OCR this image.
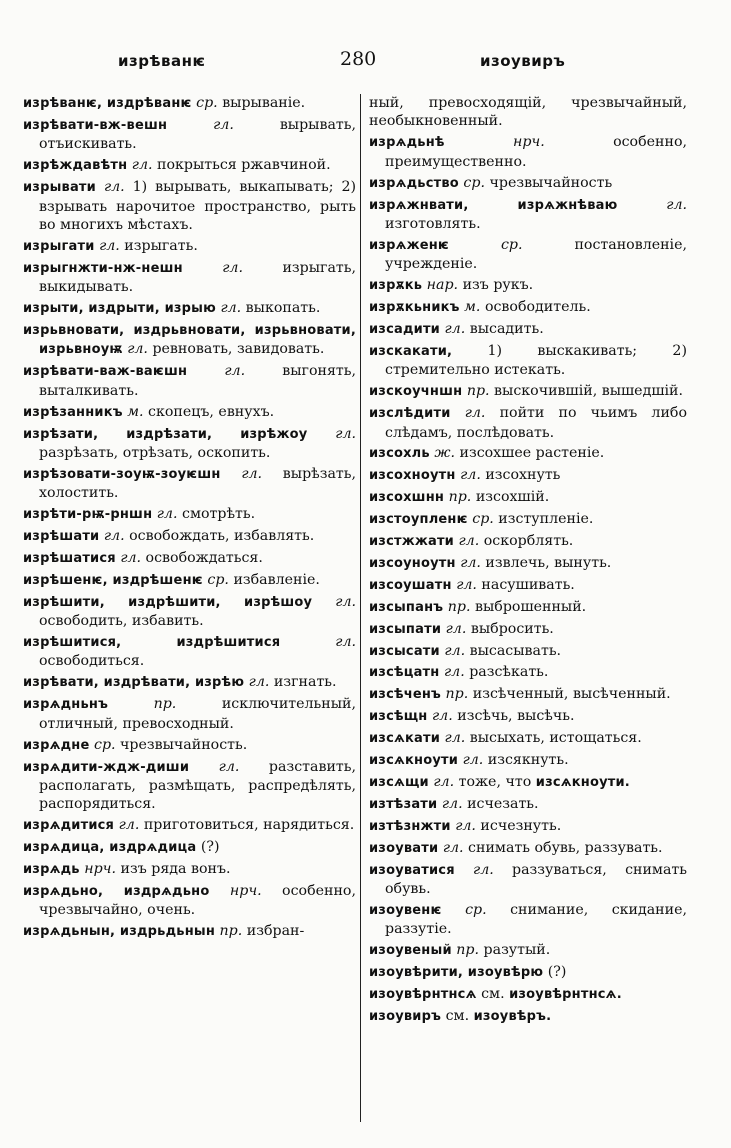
изрѣванѥ	280	изоувиръ

изрѣванѥ, издрѣванѥ ср. вырыванiе.

изрѣвати-вж-вешн	гл. вырывать, отъискивать.

изрѣждавѣтн гл. покрыться ржавчиной.

изрывати гл. 1) вырывать, выкапывать; 2) взрывать нарочитое пространство, рыть во многихъ мѣстахъ.

изрыгати гл. изрыгать.

изрыгнжти-нж-нешн	гл. изрыгать, выкидывать.

изрыти, издрыти, изрыю гл. выкопать.

изрьвновати, издрьвновати, изрьвновати, изрьвноуѭ гл. ревновать, завидовать.

изрѣвати-важ-ваѥшн	гл. выгонять, выталкивать.

изрѣзанникъ м. скопецъ, евнухъ.

изрѣзати, издрѣзати, изрѣжоу гл. разрѣзать, отрѣзать, оскопить.

изрѣзовати-зоуѭ-зоуѥшн гл. вырѣзать, холостить.

изрѣти-рѭ-рншн гл. смотрѣть.

изрѣшати гл. освобождать, избавлять.

изрѣшатися гл. освобождаться.

изрѣшенѥ, издрѣшенѥ ср. избавленiе.

изрѣшити, издрѣшити, изрѣшоу гл. освободить, избавить.

изрѣшитися, издрѣшитися	гл. освободиться.

изрѣвати, издрѣвати, изрѣю гл. изгнать.

изрѧдньнъ	пр. исключительный, отличный, превосходный.

изрѧдне ср. чрезвычайность.

изрѧдити-ждж-диши гл. разставить, располагать, размѣщать, распредѣлять, распорядиться.

изрѧдитися гл. приготовиться, нарядиться.

изрѧдица, издрѧдица (?)

изрѧдь нрч. изъ ряда вонъ.

изрѧдьно, издрѧдьно нрч. особенно, чрезвычайно, очень.

изрѧдьнын, издрьдьнын пр. избран-

ный, превосходящій, чрезвычайный, необыкновенный.

изрѧдьнѣ	нрч. особенно, преимущественно.

изрѧдьство ср. чрезвычайность

изрѧжнвати, изрѧжнѣваю	гл. изготовлять.

изрѧженѥ	ср. постановленiе, учрежденiе.

изрѫкь нар. изъ рукъ.

изрѫкьникъ м. освободитель.

изсадити гл. высадить.

изскакати, 1) выскакивать; 2) стремительно истекать.

изскоучншн пр. выскочившiй, вышедшiй.

изслѣдити гл. пойти по чьимъ либо слѣдамъ, послѣдовать.

изсохль ж. изсохшее растенiе.

изсохноутн гл. изсохнуть

изсохшнн пр. изсохшiй.

изстоупленѥ ср. изступленiе.

изстжжати гл. оскорблять.

изсоуноутн гл. извлечь, вынуть.

изсоушатн гл. насушивать.

изсыпанъ пр. выброшенный.

изсыпати гл. выбросить.

изсысати гл. высасывать.

изсѣцатн гл. разсѣкать.

изсѣченъ пр. изсѣченный, высѣченный.

изсѣщн гл. изсѣчь, высѣчь.

изсѧкати гл. высыхать, истощаться.

изсѧкноути гл. изсякнуть.

изсѧщи гл. тоже, что изсѧкноути.

изтѣзати гл. исчезать.

изтѣзнжти гл. исчезнуть.

изоувати гл. снимать обувь, раззувать.

изоуватися гл. раззуваться, снимать обувь.

изоувенѥ ср. снимание, скидание, раззутiе.

изоувеный пр. разутый.

изоувѣрити, изоувѣрю (?)

изоувѣрнтнсѧ см. изоувѣрнтнсѧ.

изоувиръ см. изоувѣръ.
